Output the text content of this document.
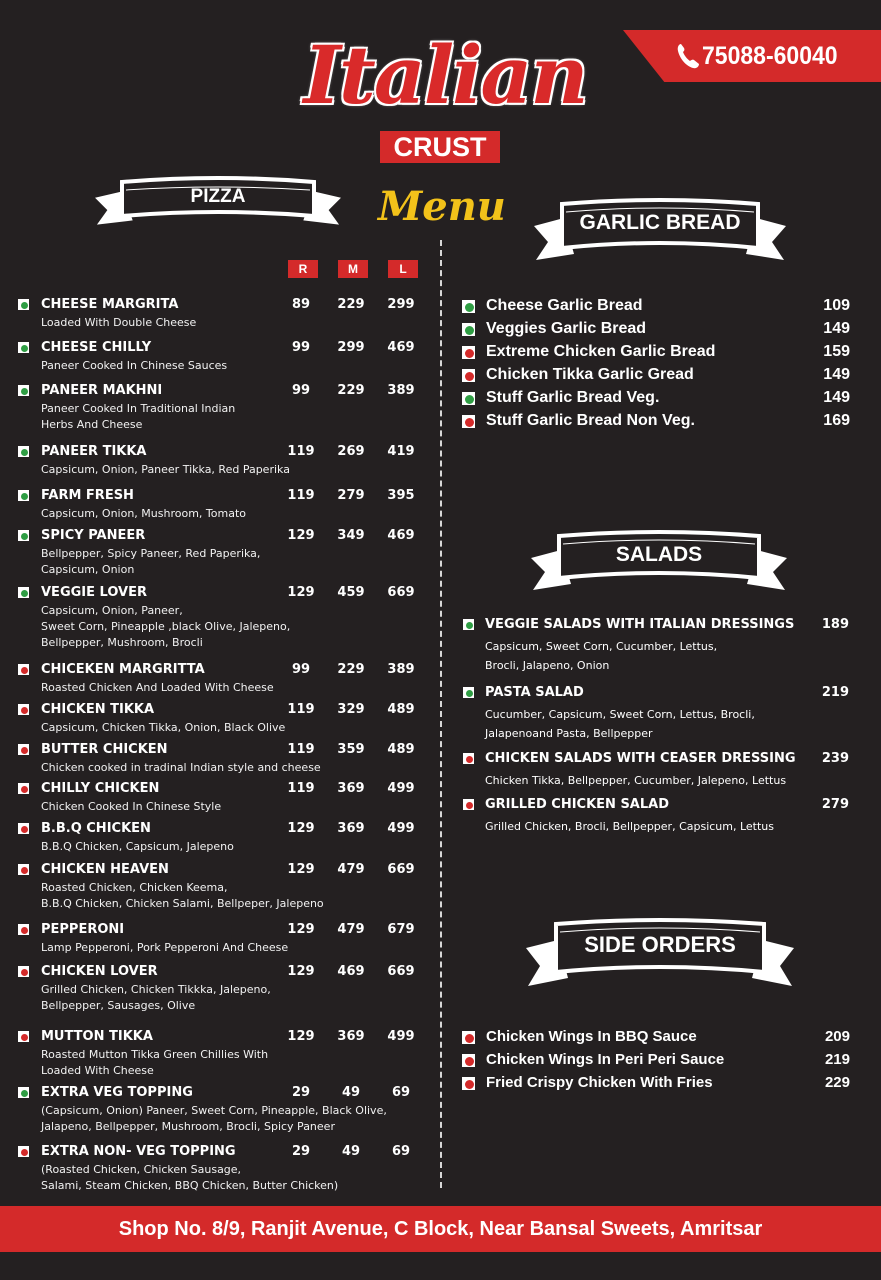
75088-60040
Italian
CRUST
Menu
PIZZA
GARLIC BREAD
SALADS
SIDE ORDERS
R	M	L
CHEESE MARGRITA
Loaded With Double Cheese
89	229	299
CHEESE CHILLY
Paneer Cooked In Chinese Sauces
99	299	469
PANEER MAKHNI
Paneer Cooked In Traditional Indian
Herbs And Cheese
99	229	389
PANEER TIKKA
Capsicum, Onion, Paneer Tikka, Red Paperika
119	269	419
FARM FRESH
Capsicum, Onion, Mushroom, Tomato
119	279	395
SPICY PANEER
Bellpepper, Spicy Paneer, Red Paperika,
Capsicum, Onion
129	349	469
VEGGIE LOVER
Capsicum, Onion, Paneer,
Sweet Corn, Pineapple ,black Olive, Jalepeno,
Bellpepper, Mushroom, Brocli
129	459	669
CHICEKEN MARGRITTA
Roasted Chicken And Loaded With Cheese
99	229	389
CHICKEN TIKKA
Capsicum, Chicken Tikka, Onion, Black Olive
119	329	489
BUTTER CHICKEN
Chicken cooked in tradinal Indian style and cheese
119	359	489
CHILLY CHICKEN
Chicken Cooked In Chinese Style
119	369	499
B.B.Q CHICKEN
B.B.Q Chicken, Capsicum, Jalepeno
129	369	499
CHICKEN HEAVEN
Roasted Chicken, Chicken Keema,
B.B.Q Chicken, Chicken Salami, Bellpeper, Jalepeno
129	479	669
PEPPERONI
Lamp Pepperoni, Pork Pepperoni And Cheese
129	479	679
CHICKEN LOVER
Grilled Chicken, Chicken Tikkka, Jalepeno,
Bellpepper, Sausages, Olive
129	469	669
MUTTON TIKKA
Roasted Mutton Tikka Green Chillies With
Loaded With Cheese
129	369	499
EXTRA VEG TOPPING
(Capsicum, Onion) Paneer, Sweet Corn, Pineapple, Black Olive,
Jalapeno, Bellpepper, Mushroom, Brocli, Spicy Paneer
29	49	69
EXTRA NON- VEG TOPPING
(Roasted Chicken, Chicken Sausage,
Salami, Steam Chicken, BBQ Chicken, Butter Chicken)
29	49	69
Cheese Garlic Bread	109
Veggies Garlic Bread	149
Extreme Chicken Garlic Bread	159
Chicken Tikka Garlic Gread	149
Stuff Garlic Bread Veg.	149
Stuff Garlic Bread Non Veg.	169
VEGGIE SALADS WITH ITALIAN DRESSINGS
Capsicum, Sweet Corn, Cucumber, Lettus,
Brocli, Jalapeno, Onion
189
PASTA SALAD
Cucumber, Capsicum, Sweet Corn, Lettus, Brocli,
Jalapenoand Pasta, Bellpepper
219
CHICKEN SALADS WITH CEASER DRESSING
Chicken Tikka, Bellpepper, Cucumber, Jalepeno, Lettus
239
GRILLED CHICKEN SALAD
Grilled Chicken, Brocli, Bellpepper, Capsicum, Lettus
279
Chicken Wings In BBQ Sauce	209
Chicken Wings In Peri Peri Sauce	219
Fried Crispy Chicken With Fries	229
Shop No. 8/9, Ranjit Avenue, C Block, Near Bansal Sweets, Amritsar
